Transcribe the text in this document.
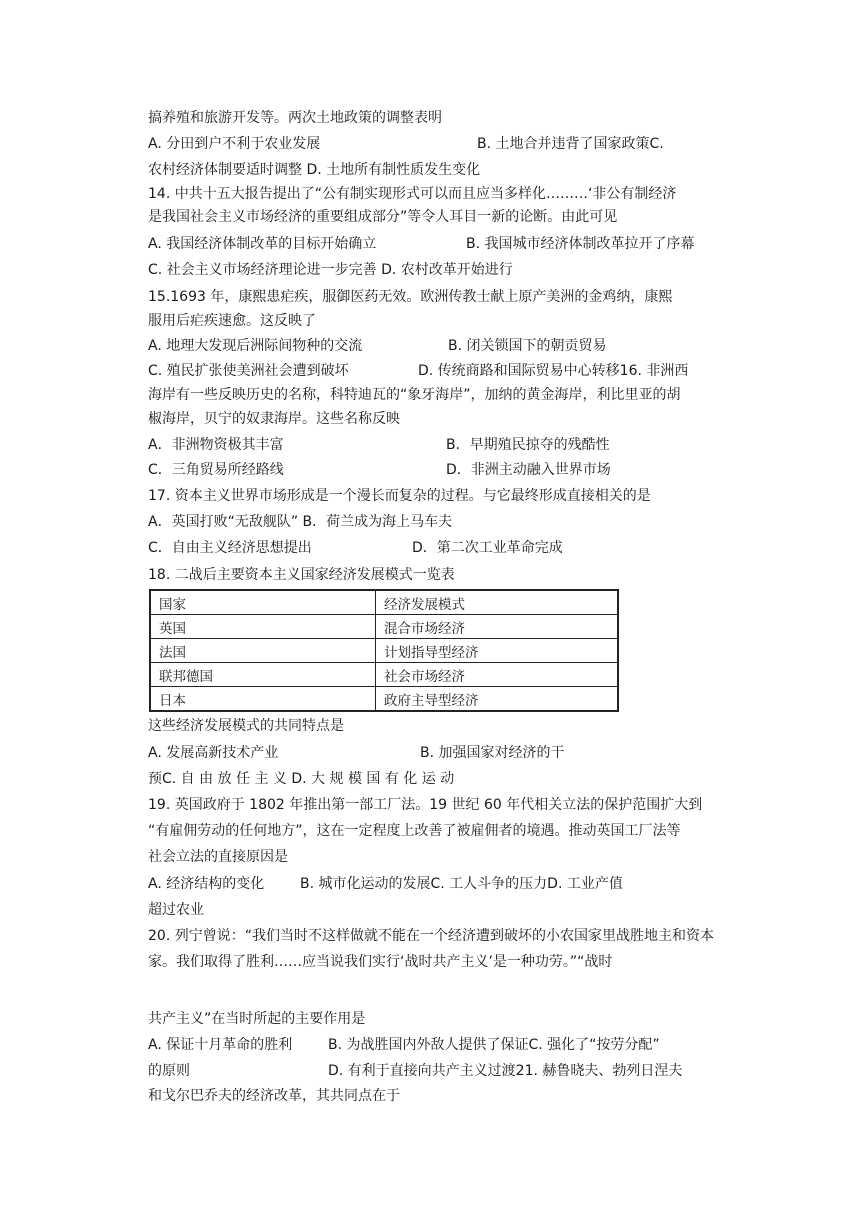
搞养殖和旅游开发等。两次土地政策的调整表明
A. 分田到户不利于农业发展	B. 土地合并违背了国家政策C.
农村经济体制要适时调整 D. 土地所有制性质发生变化
14. 中共十五大报告提出了“公有制实现形式可以而且应当多样化………‘非公有制经济
是我国社会主义市场经济的重要组成部分”等令人耳目一新的论断。由此可见
A. 我国经济体制改革的目标开始确立	B. 我国城市经济体制改革拉开了序幕
C. 社会主义市场经济理论进一步完善 D. 农村改革开始进行
15.1693 年，康熙患疟疾，服御医药无效。欧洲传教士献上原产美洲的金鸡纳，康熙
服用后疟疾速愈。这反映了
A. 地理大发现后洲际间物种的交流	B. 闭关锁国下的朝贡贸易
C. 殖民扩张使美洲社会遭到破坏	D. 传统商路和国际贸易中心转移16. 非洲西
海岸有一些反映历史的名称，科特迪瓦的“象牙海岸”，加纳的黄金海岸，利比里亚的胡
椒海岸，贝宁的奴隶海岸。这些名称反映
A．非洲物资极其丰富	B．早期殖民掠夺的残酷性
C．三角贸易所经路线	D．非洲主动融入世界市场
17. 资本主义世界市场形成是一个漫长而复杂的过程。与它最终形成直接相关的是
A．英国打败“无敌舰队” B．荷兰成为海上马车夫
C．自由主义经济思想提出	D．第二次工业革命完成
18. 二战后主要资本主义国家经济发展模式一览表
国家	经济发展模式
英国	混合市场经济
法国	计划指导型经济
联邦德国	社会市场经济
日本	政府主导型经济
这些经济发展模式的共同特点是
A. 发展高新技术产业	B. 加强国家对经济的干
预C. 自 由 放 任 主 义 D. 大 规 模 国 有 化 运 动
19. 英国政府于 1802 年推出第一部工厂法。19 世纪 60 年代相关立法的保护范围扩大到
“有雇佣劳动的任何地方”，这在一定程度上改善了被雇佣者的境遇。推动英国工厂法等
社会立法的直接原因是
A. 经济结构的变化	B. 城市化运动的发展C. 工人斗争的压力D. 工业产值
超过农业
20. 列宁曾说：“我们当时不这样做就不能在一个经济遭到破坏的小农国家里战胜地主和资本
家。我们取得了胜利……应当说我们实行‘战时共产主义’是一种功劳。”“战时
共产主义”在当时所起的主要作用是
A. 保证十月革命的胜利	B. 为战胜国内外敌人提供了保证C. 强化了“按劳分配”
的原则	D. 有利于直接向共产主义过渡21. 赫鲁晓夫、勃列日涅夫
和戈尔巴乔夫的经济改革，其共同点在于
